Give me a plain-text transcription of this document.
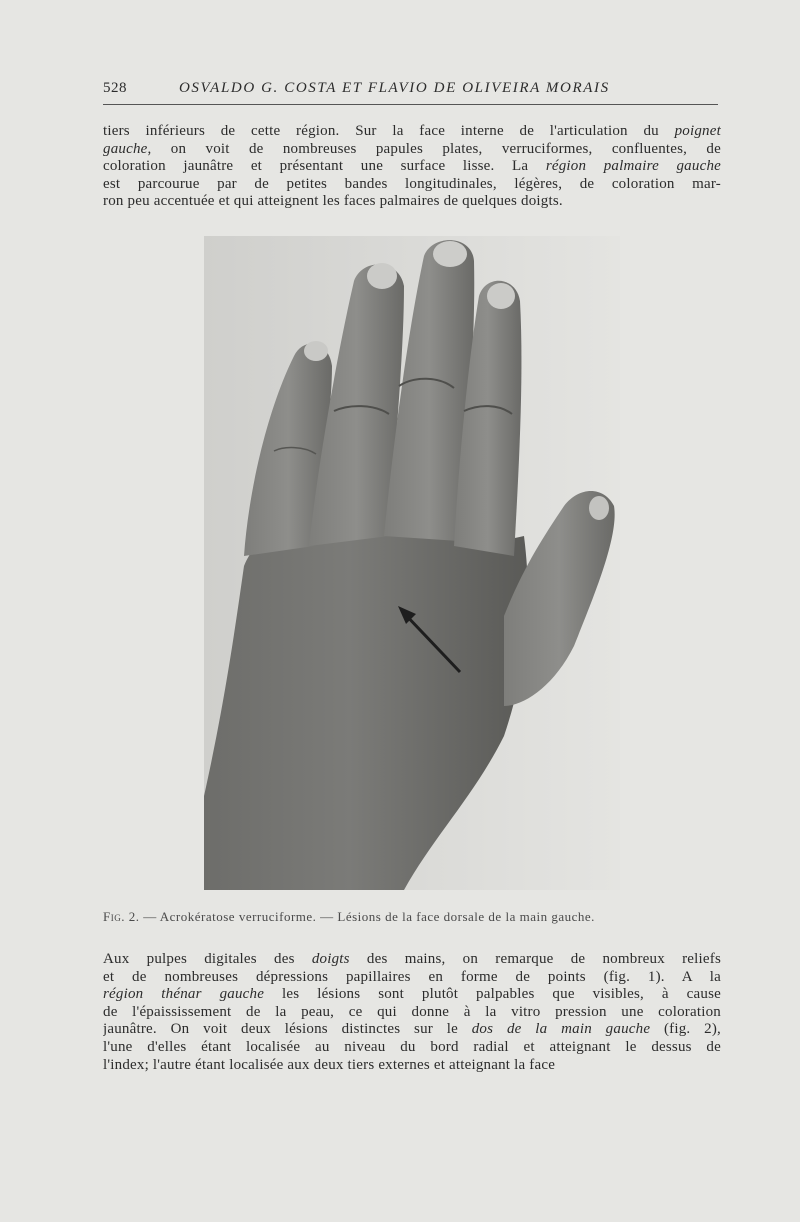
528	OSVALDO G. COSTA ET FLAVIO DE OLIVEIRA MORAIS
tiers inférieurs de cette région. Sur la face interne de l'articulation du poignet
gauche, on voit de nombreuses papules plates, verruciformes, confluentes, de
coloration jaunâtre et présentant une surface lisse. La région palmaire gauche
est parcourue par de petites bandes longitudinales, légères, de coloration mar-
ron peu accentuée et qui atteignent les faces palmaires de quelques doigts.
Fig. 2. — Acrokératose verruciforme. — Lésions de la face dorsale de la main gauche.
Aux pulpes digitales des doigts des mains, on remarque de nombreux reliefs
et de nombreuses dépressions papillaires en forme de points (fig. 1). A la
région thénar gauche les lésions sont plutôt palpables que visibles, à cause
de l'épaississement de la peau, ce qui donne à la vitro pression une coloration
jaunâtre. On voit deux lésions distinctes sur le dos de la main gauche (fig. 2),
l'une d'elles étant localisée au niveau du bord radial et atteignant le dessus de
l'index; l'autre étant localisée aux deux tiers externes et atteignant la face
